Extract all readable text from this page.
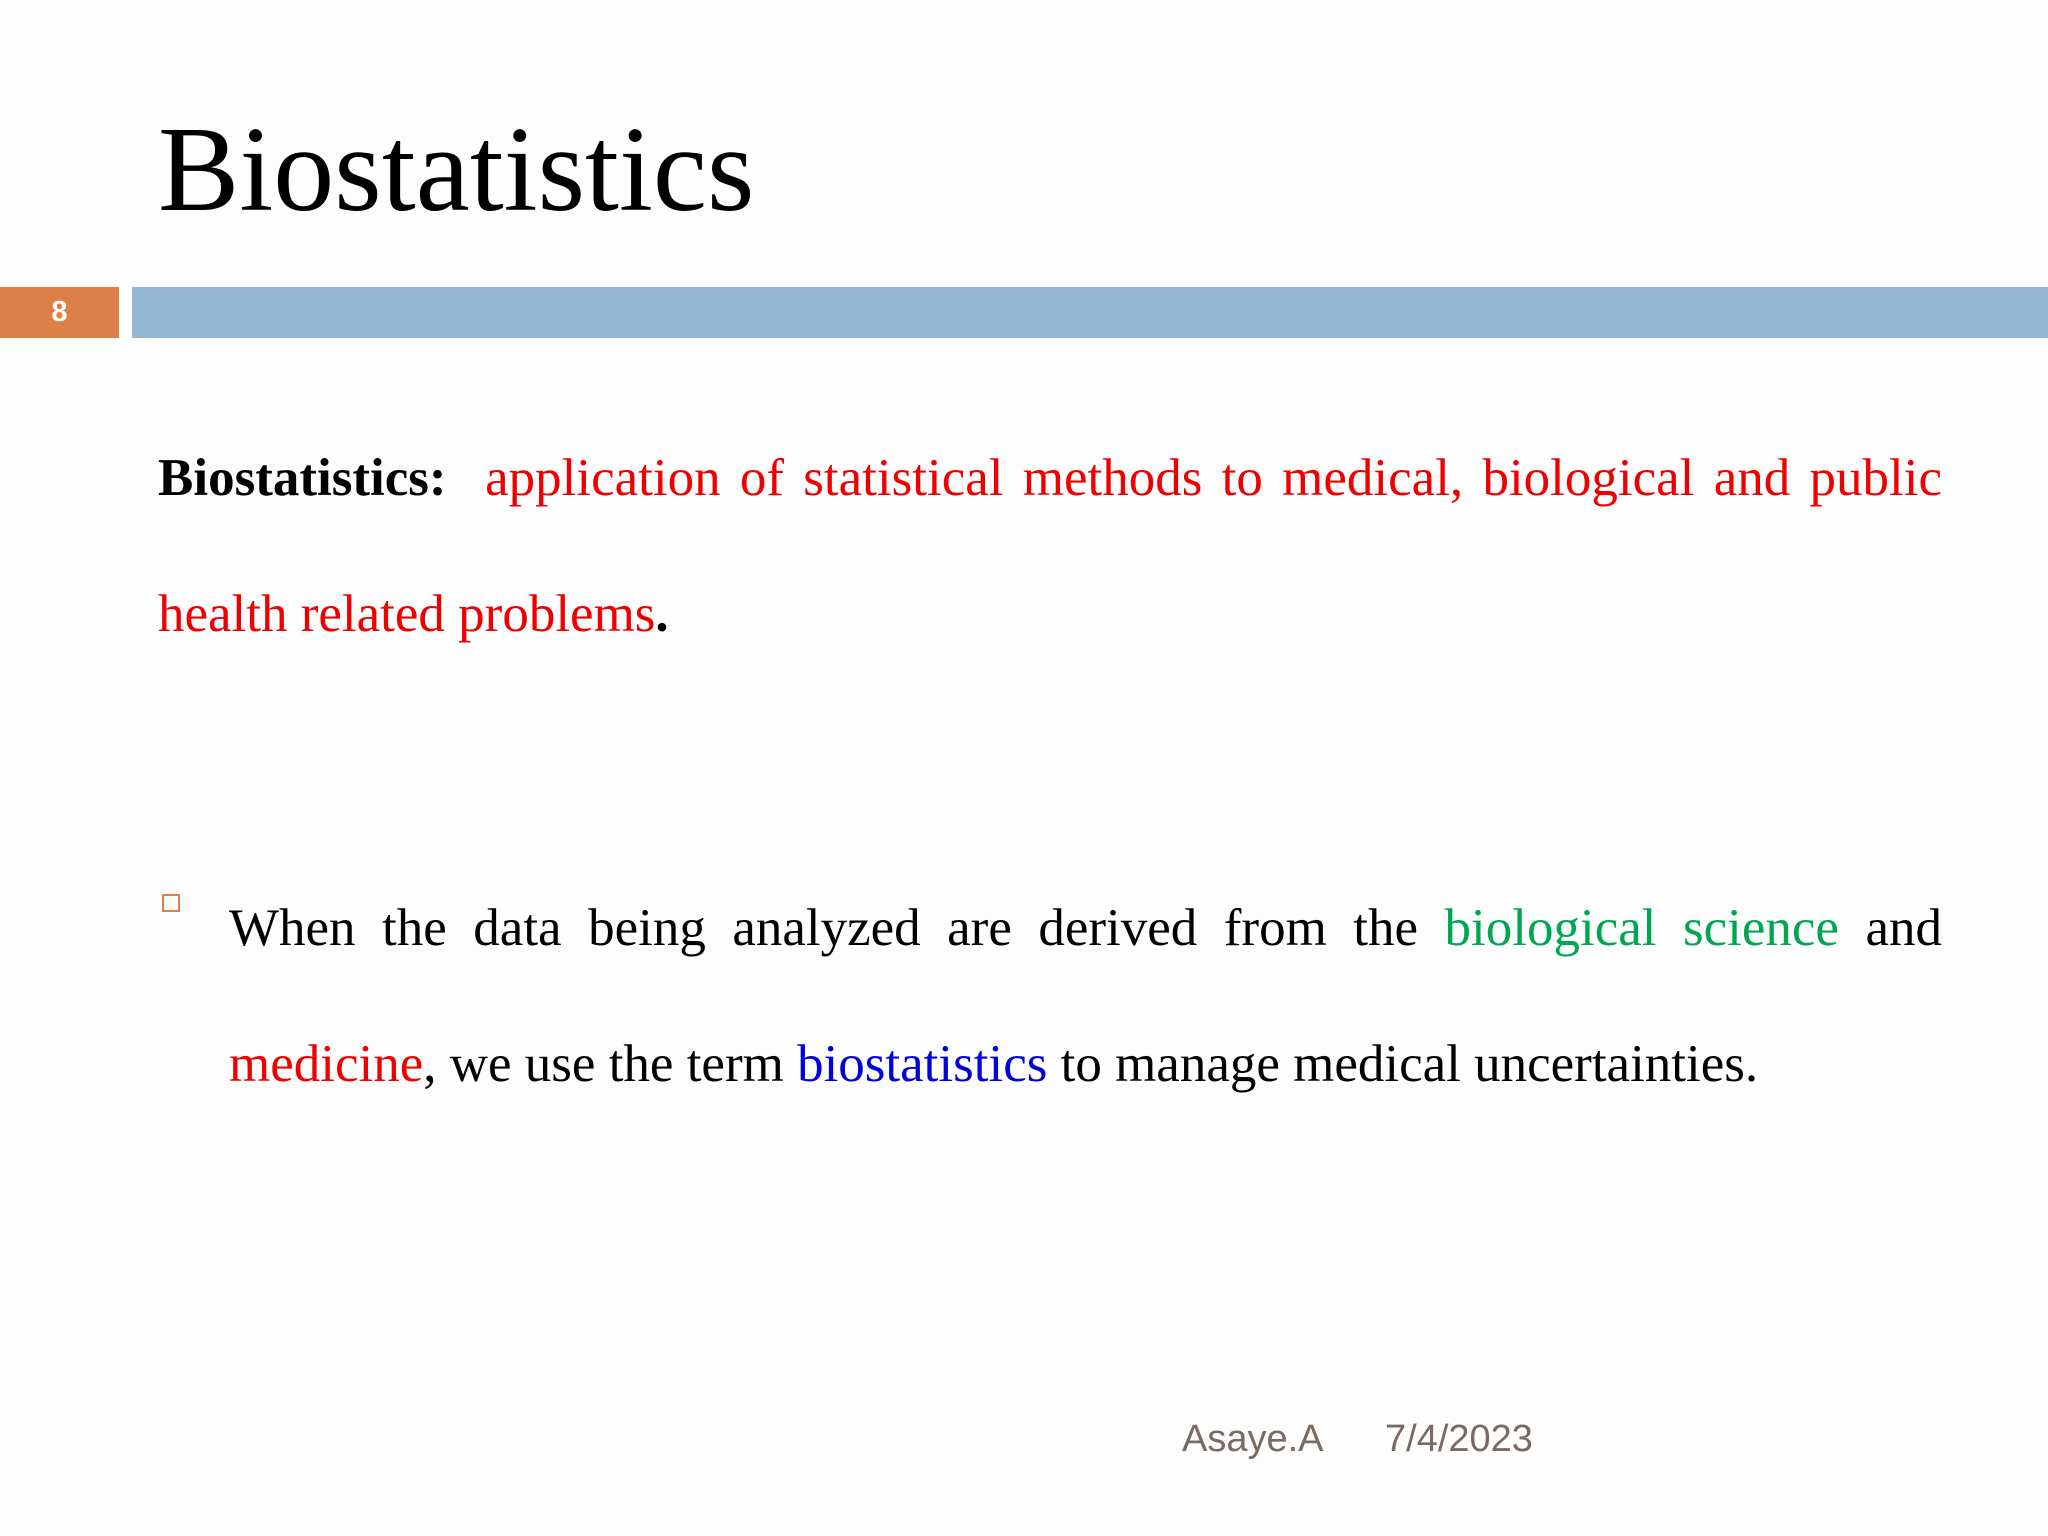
Biostatistics
8

Biostatistics: application of statistical methods to medical, biological and public health related problems.

When the data being analyzed are derived from the biological science and medicine, we use the term biostatistics to manage medical uncertainties.

Asaye.A 7/4/2023
